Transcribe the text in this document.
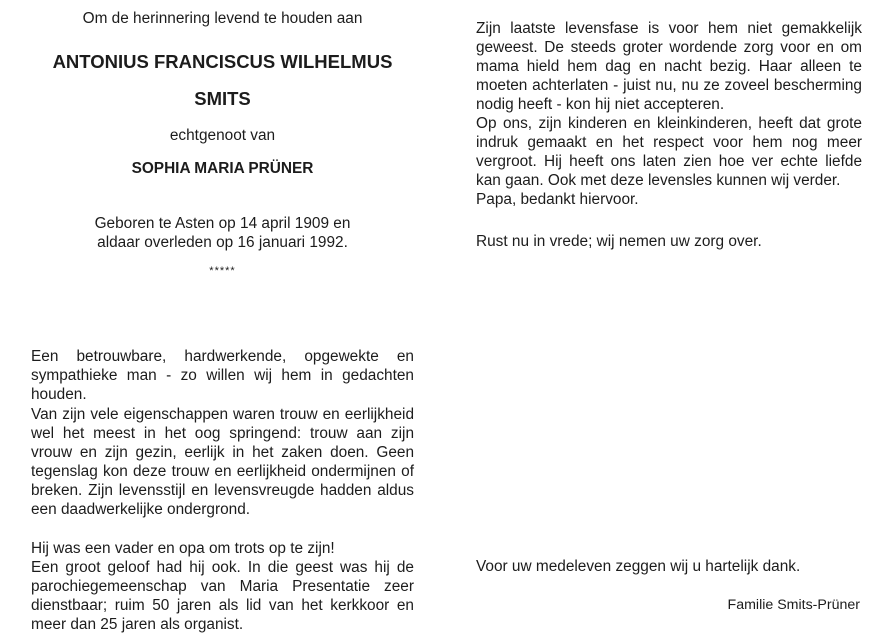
Om de herinnering levend te houden aan
ANTONIUS FRANCISCUS WILHELMUS
SMITS
echtgenoot van
SOPHIA MARIA PRÜNER
Geboren te Asten op 14 april 1909 en
aldaar overleden op 16 januari 1992.
*****

Een betrouwbare, hardwerkende, opgewekte en sympathieke man - zo willen wij hem in gedachten houden.

Van zijn vele eigenschappen waren trouw en eerlijkheid wel het meest in het oog springend: trouw aan zijn vrouw en zijn gezin, eerlijk in het zaken doen. Geen tegenslag kon deze trouw en eerlijkheid ondermijnen of breken. Zijn levensstijl en levensvreugde hadden aldus een daadwerkelijke ondergrond.

Hij was een vader en opa om trots op te zijn!

Een groot geloof had hij ook. In die geest was hij de parochiegemeenschap van Maria Presentatie zeer dienstbaar; ruim 50 jaren als lid van het kerkkoor en meer dan 25 jaren als organist.

Zijn laatste levensfase is voor hem niet gemakkelijk geweest. De steeds groter wordende zorg voor en om mama hield hem dag en nacht bezig. Haar alleen te moeten achterlaten - juist nu, nu ze zoveel bescherming nodig heeft - kon hij niet accepteren.

Op ons, zijn kinderen en kleinkinderen, heeft dat grote indruk gemaakt en het respect voor hem nog meer vergroot. Hij heeft ons laten zien hoe ver echte liefde kan gaan. Ook met deze levensles kunnen wij verder.

Papa, bedankt hiervoor.

Rust nu in vrede; wij nemen uw zorg over.

Voor uw medeleven zeggen wij u hartelijk dank.

Familie Smits-Prüner
